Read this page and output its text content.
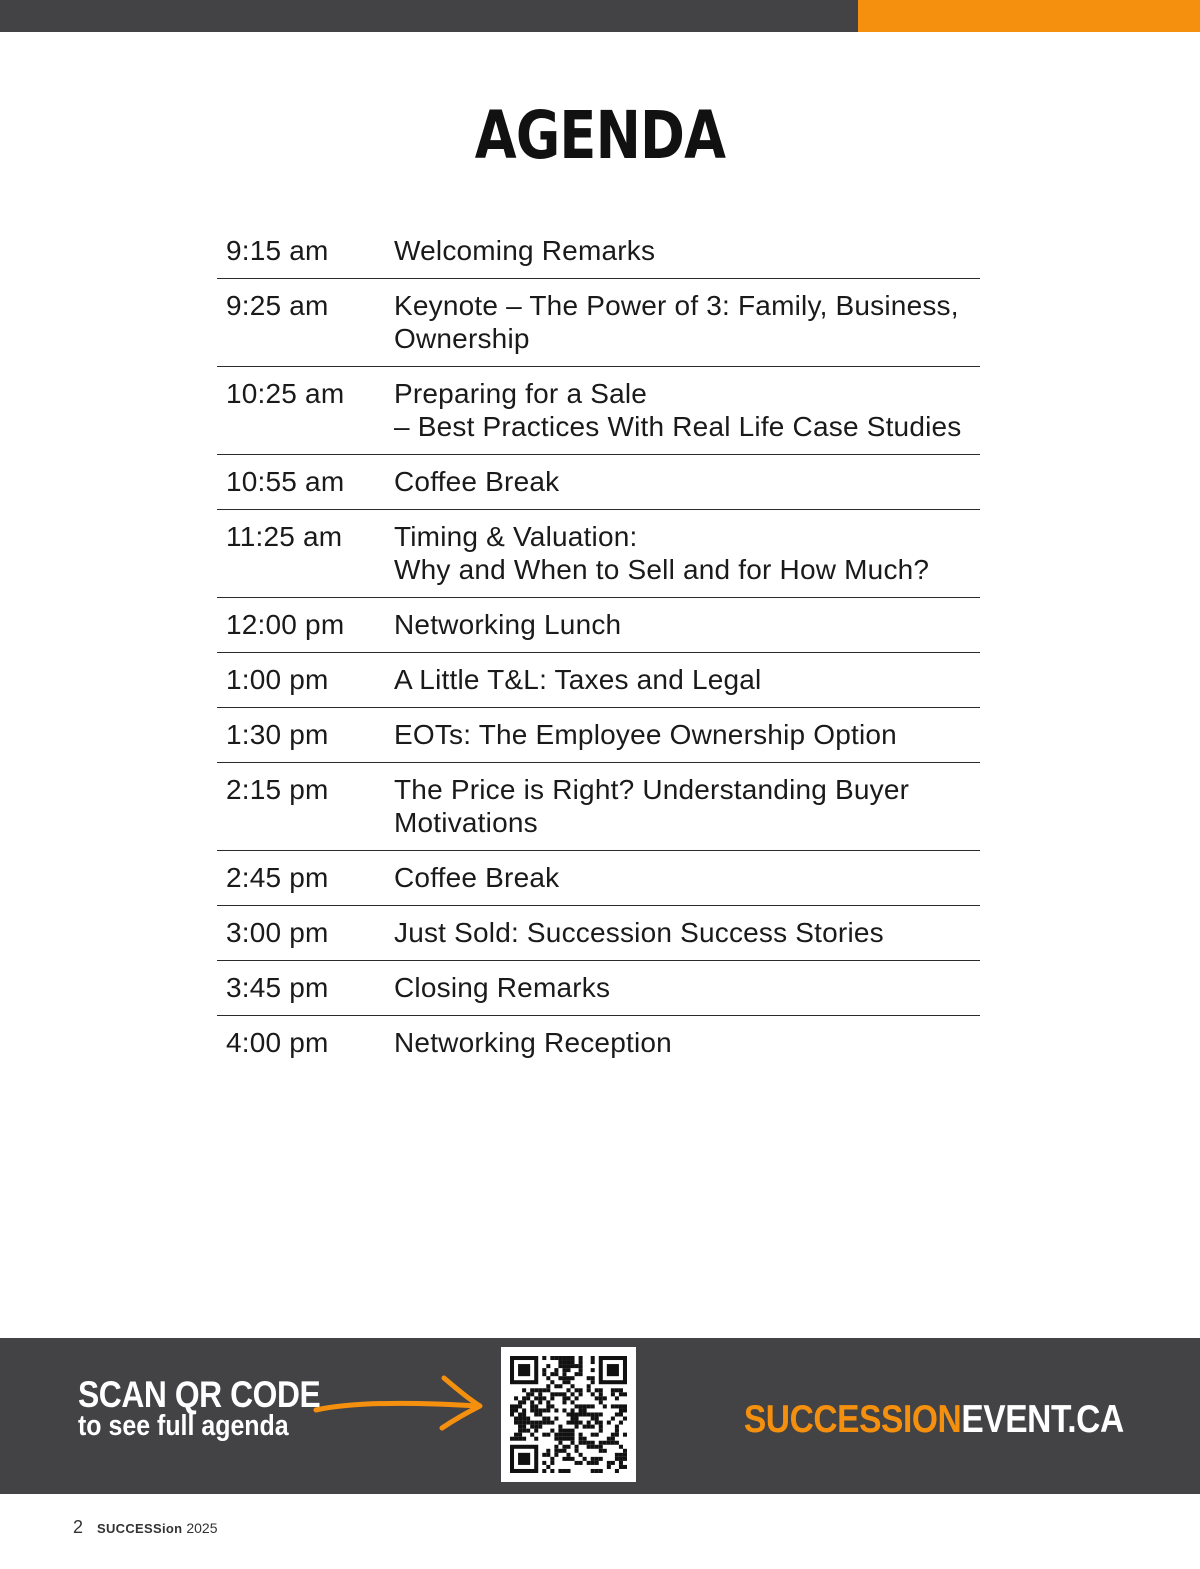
AGENDA
9:15 am	Welcoming Remarks
9:25 am	Keynote – The Power of 3: Family, Business,
Ownership
10:25 am	Preparing for a Sale
– Best Practices With Real Life Case Studies
10:55 am	Coffee Break
11:25 am	Timing & Valuation:
Why and When to Sell and for How Much?
12:00 pm	Networking Lunch
1:00 pm	A Little T&L: Taxes and Legal
1:30 pm	EOTs: The Employee Ownership Option
2:15 pm	The Price is Right? Understanding Buyer
Motivations
2:45 pm	Coffee Break
3:00 pm	Just Sold: Succession Success Stories
3:45 pm	Closing Remarks
4:00 pm	Networking Reception
SCAN QR CODE
to see full agenda	SUCCESSIONEVENT.CA
2 SUCCESSion 2025
